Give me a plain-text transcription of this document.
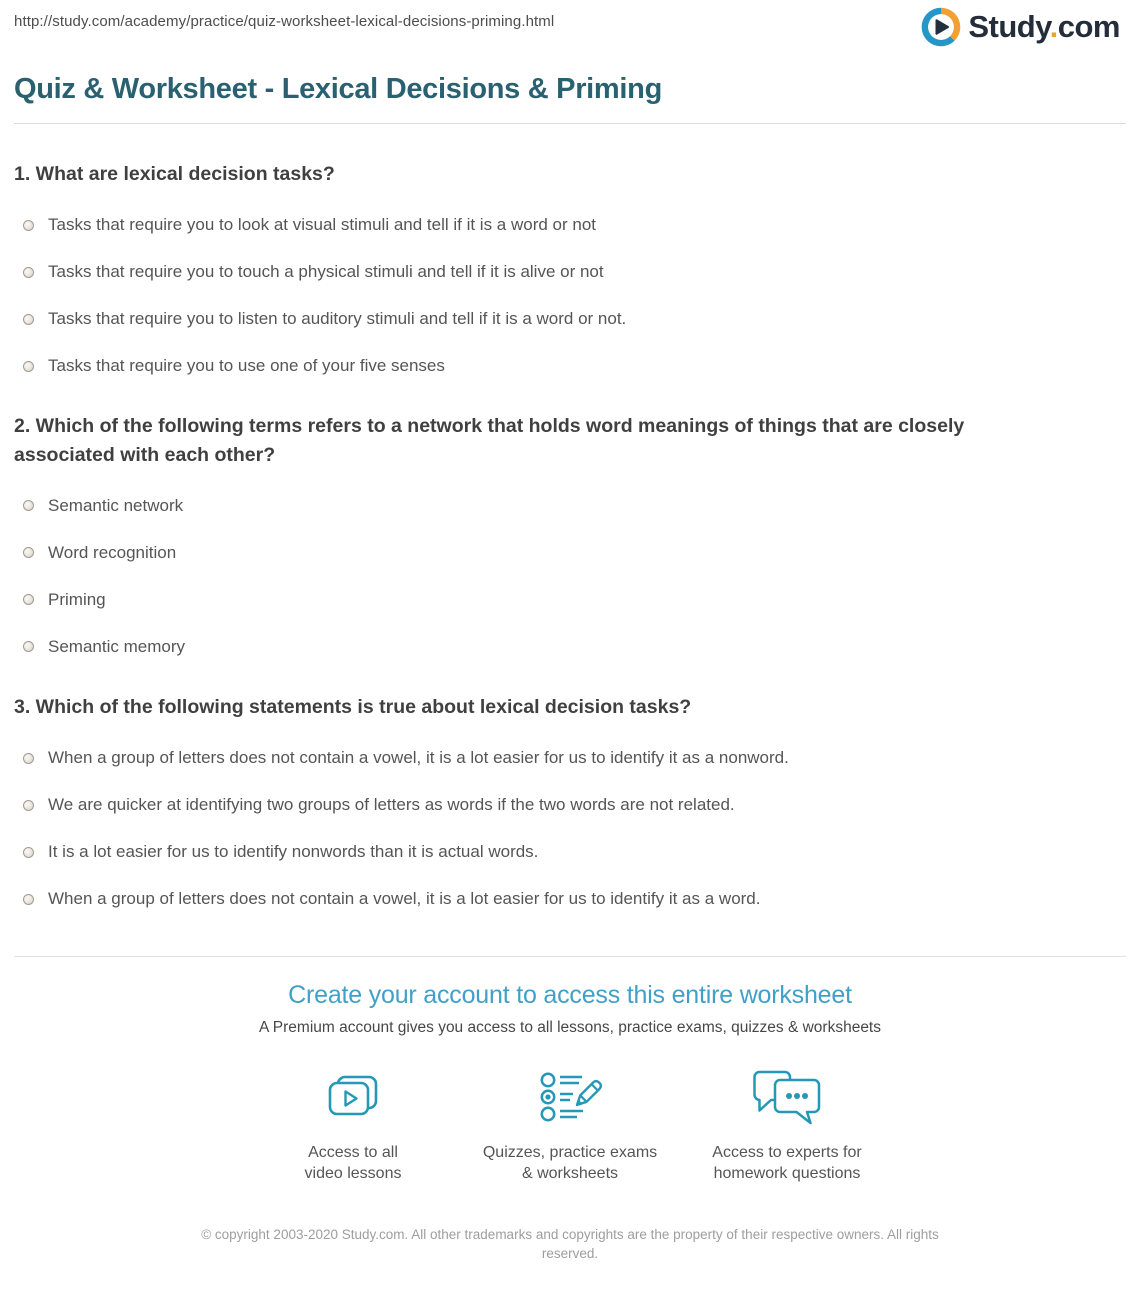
http://study.com/academy/practice/quiz-worksheet-lexical-decisions-priming.html	Study.com
Quiz & Worksheet - Lexical Decisions & Priming
1. What are lexical decision tasks?
Tasks that require you to look at visual stimuli and tell if it is a word or not
Tasks that require you to touch a physical stimuli and tell if it is alive or not
Tasks that require you to listen to auditory stimuli and tell if it is a word or not.
Tasks that require you to use one of your five senses
2. Which of the following terms refers to a network that holds word meanings of things that are closely associated with each other?
Semantic network
Word recognition
Priming
Semantic memory
3. Which of the following statements is true about lexical decision tasks?
When a group of letters does not contain a vowel, it is a lot easier for us to identify it as a nonword.
We are quicker at identifying two groups of letters as words if the two words are not related.
It is a lot easier for us to identify nonwords than it is actual words.
When a group of letters does not contain a vowel, it is a lot easier for us to identify it as a word.
Create your account to access this entire worksheet
A Premium account gives you access to all lessons, practice exams, quizzes & worksheets
Access to all
video lessons
Quizzes, practice exams
& worksheets
Access to experts for
homework questions

© copyright 2003-2020 Study.com. All other trademarks and copyrights are the property of their respective owners. All rights reserved.
